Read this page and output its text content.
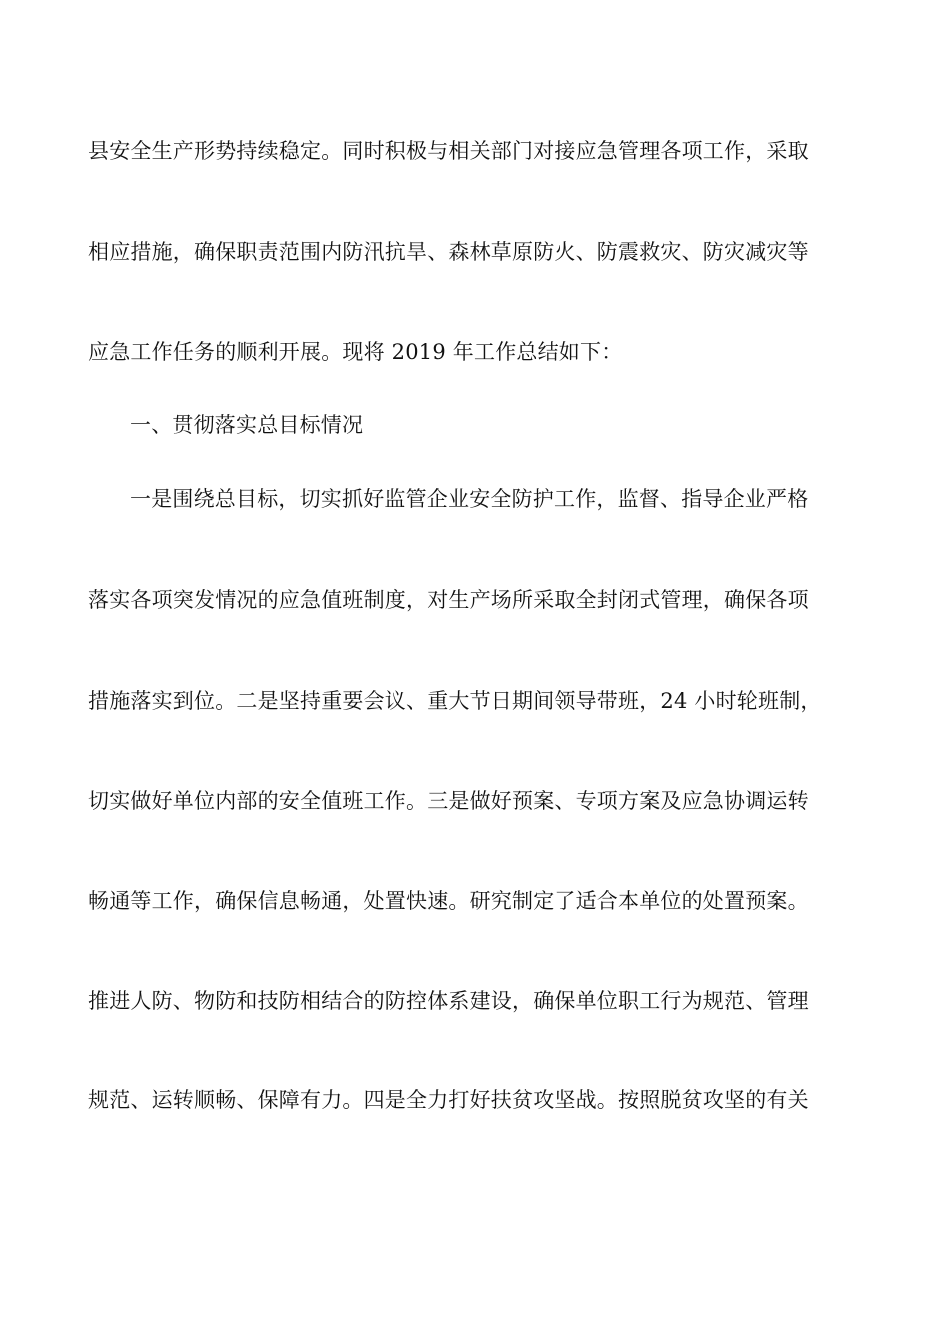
县安全生产形势持续稳定。同时积极与相关部门对接应急管理各项工作，采取
相应措施，确保职责范围内防汛抗旱、森林草原防火、防震救灾、防灾减灾等
应急工作任务的顺利开展。现将 2019 年工作总结如下：
一、贯彻落实总目标情况
一是围绕总目标，切实抓好监管企业安全防护工作，监督、指导企业严格
落实各项突发情况的应急值班制度，对生产场所采取全封闭式管理，确保各项
措施落实到位。二是坚持重要会议、重大节日期间领导带班，24 小时轮班制，
切实做好单位内部的安全值班工作。三是做好预案、专项方案及应急协调运转
畅通等工作，确保信息畅通，处置快速。研究制定了适合本单位的处置预案。
推进人防、物防和技防相结合的防控体系建设，确保单位职工行为规范、管理
规范、运转顺畅、保障有力。四是全力打好扶贫攻坚战。按照脱贫攻坚的有关
